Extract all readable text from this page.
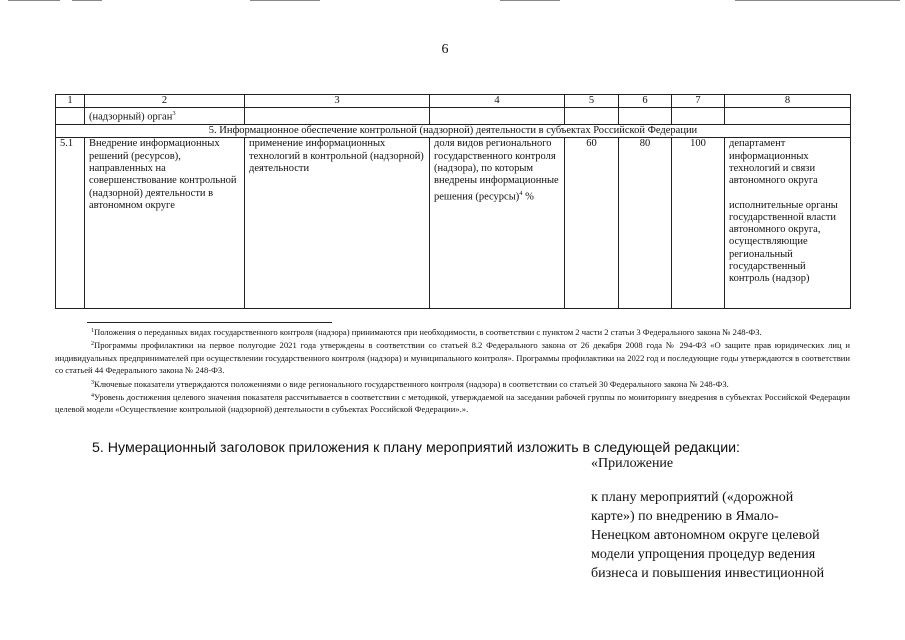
6
1	2	3	4	5	6	7	8
	(надзорный) орган$^3$						
5. Информационное обеспечение контрольной (надзорной) деятельности в субъектах Российской Федерации							
5.1	Внедрение информационных решений (ресурсов), направленных на совершенствование контрольной (надзорной) деятельности в автономном округе	применение информационных технологий в контрольной (надзорной) деятельности	доля видов регионального государственного контроля (надзора), по которым внедрены информационные решения (ресурсы)$^4$ %	60	80	100	департамент информационных технологий и связи автономного округа
исполнительные органы государственной власти автономного округа, осуществляющие региональный государственный контроль (надзор)

$^1$Положения о переданных видах государственного контроля (надзора) принимаются при необходимости, в соответствии с пунктом 2 части 2 статьи 3 Федерального закона № 248-ФЗ.

$^2$Программы профилактики на первое полугодие 2021 года утверждены в соответствии со статьей 8.2 Федерального закона от 26 декабря 2008 года № 294-ФЗ «О защите прав юридических лиц и индивидуальных предпринимателей при осуществлении государственного контроля (надзора) и муниципального контроля». Программы профилактики на 2022 год и последующие годы утверждаются в соответствии со статьей 44 Федерального закона № 248-ФЗ.

$^3$Ключевые показатели утверждаются положениями о виде регионального государственного контроля (надзора) в соответствии со статьей 30 Федерального закона № 248-ФЗ.

$^4$Уровень достижения целевого значения показателя рассчитывается в соответствии с методикой, утверждаемой на заседании рабочей группы по мониторингу внедрения в субъектах Российской Федерации целевой модели «Осуществление контрольной (надзорной) деятельности в субъектах Российской Федерации».».

5. Нумерационный заголовок приложения к плану мероприятий изложить в следующей редакции:
«Приложение
к плану мероприятий («дорожной
карте») по внедрению в Ямало-
Ненецком автономном округе целевой
модели упрощения процедур ведения
бизнеса и повышения инвестиционной
